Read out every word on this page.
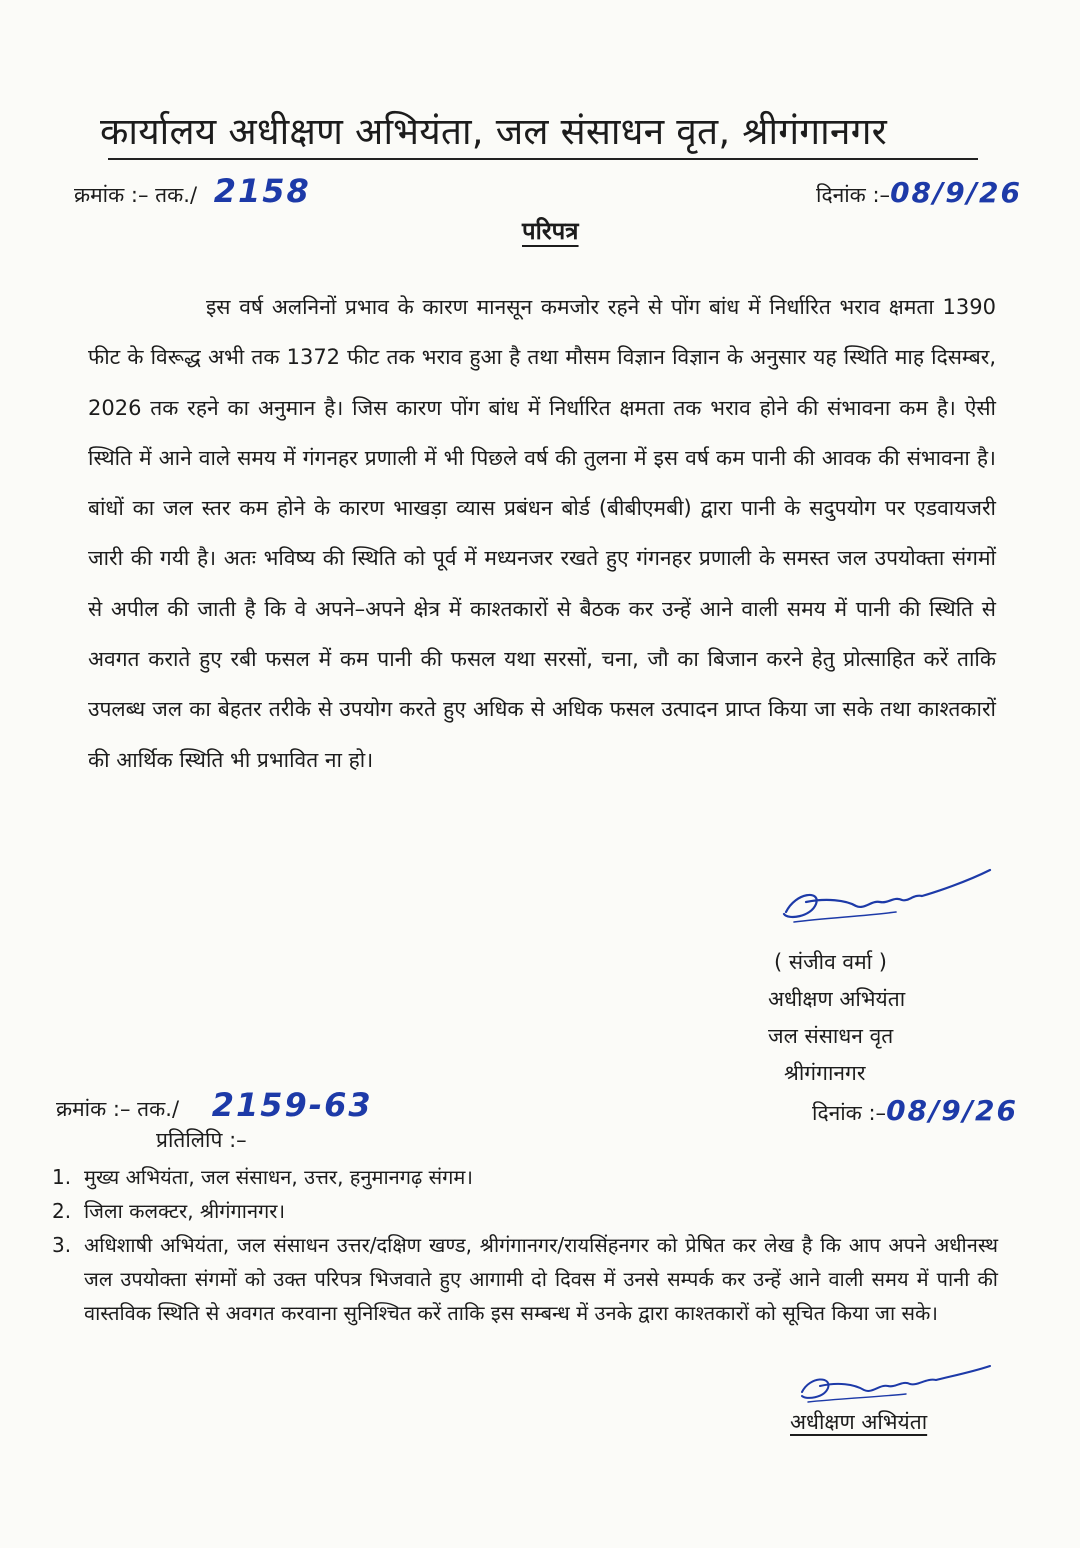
कार्यालय अधीक्षण अभियंता, जल संसाधन वृत, श्रीगंगानगर
क्रमांक :– तक./ 2158	दिनांक :–08/9/26
परिपत्र

इस वर्ष अलनिनों प्रभाव के कारण मानसून कमजोर रहने से पोंग बांध में निर्धारित भराव क्षमता 1390 फीट के विरूद्ध अभी तक 1372 फीट तक भराव हुआ है तथा मौसम विज्ञान विज्ञान के अनुसार यह स्थिति माह दिसम्बर, 2026 तक रहने का अनुमान है। जिस कारण पोंग बांध में निर्धारित क्षमता तक भराव होने की संभावना कम है। ऐसी स्थिति में आने वाले समय में गंगनहर प्रणाली में भी पिछले वर्ष की तुलना में इस वर्ष कम पानी की आवक की संभावना है। बांधों का जल स्तर कम होने के कारण भाखड़ा व्यास प्रबंधन बोर्ड (बीबीएमबी) द्वारा पानी के सदुपयोग पर एडवायजरी जारी की गयी है। अतः भविष्य की स्थिति को पूर्व में मध्यनजर रखते हुए गंगनहर प्रणाली के समस्त जल उपयोक्ता संगमों से अपील की जाती है कि वे अपने–अपने क्षेत्र में काश्तकारों से बैठक कर उन्हें आने वाली समय में पानी की स्थिति से अवगत कराते हुए रबी फसल में कम पानी की फसल यथा सरसों, चना, जौ का बिजान करने हेतु प्रोत्साहित करें ताकि उपलब्ध जल का बेहतर तरीके से उपयोग करते हुए अधिक से अधिक फसल उत्पादन प्राप्त किया जा सके तथा काश्तकारों की आर्थिक स्थिति भी प्रभावित ना हो।

( संजीव वर्मा )
अधीक्षण अभियंता
जल संसाधन वृत
श्रीगंगानगर
क्रमांक :– तक./ 2159-63	दिनांक :–08/9/26
प्रतिलिपि :–
1. मुख्य अभियंता, जल संसाधन, उत्तर, हनुमानगढ़ संगम।
2. जिला कलक्टर, श्रीगंगानगर।
3. अधिशाषी अभियंता, जल संसाधन उत्तर/दक्षिण खण्ड, श्रीगंगानगर/रायसिंहनगर को प्रेषित कर लेख है कि आप अपने अधीनस्थ जल उपयोक्ता संगमों को उक्त परिपत्र भिजवाते हुए आगामी दो दिवस में उनसे सम्पर्क कर उन्हें आने वाली समय में पानी की वास्तविक स्थिति से अवगत करवाना सुनिश्चित करें ताकि इस सम्बन्ध में उनके द्वारा काश्तकारों को सूचित किया जा सके।
अधीक्षण अभियंता
